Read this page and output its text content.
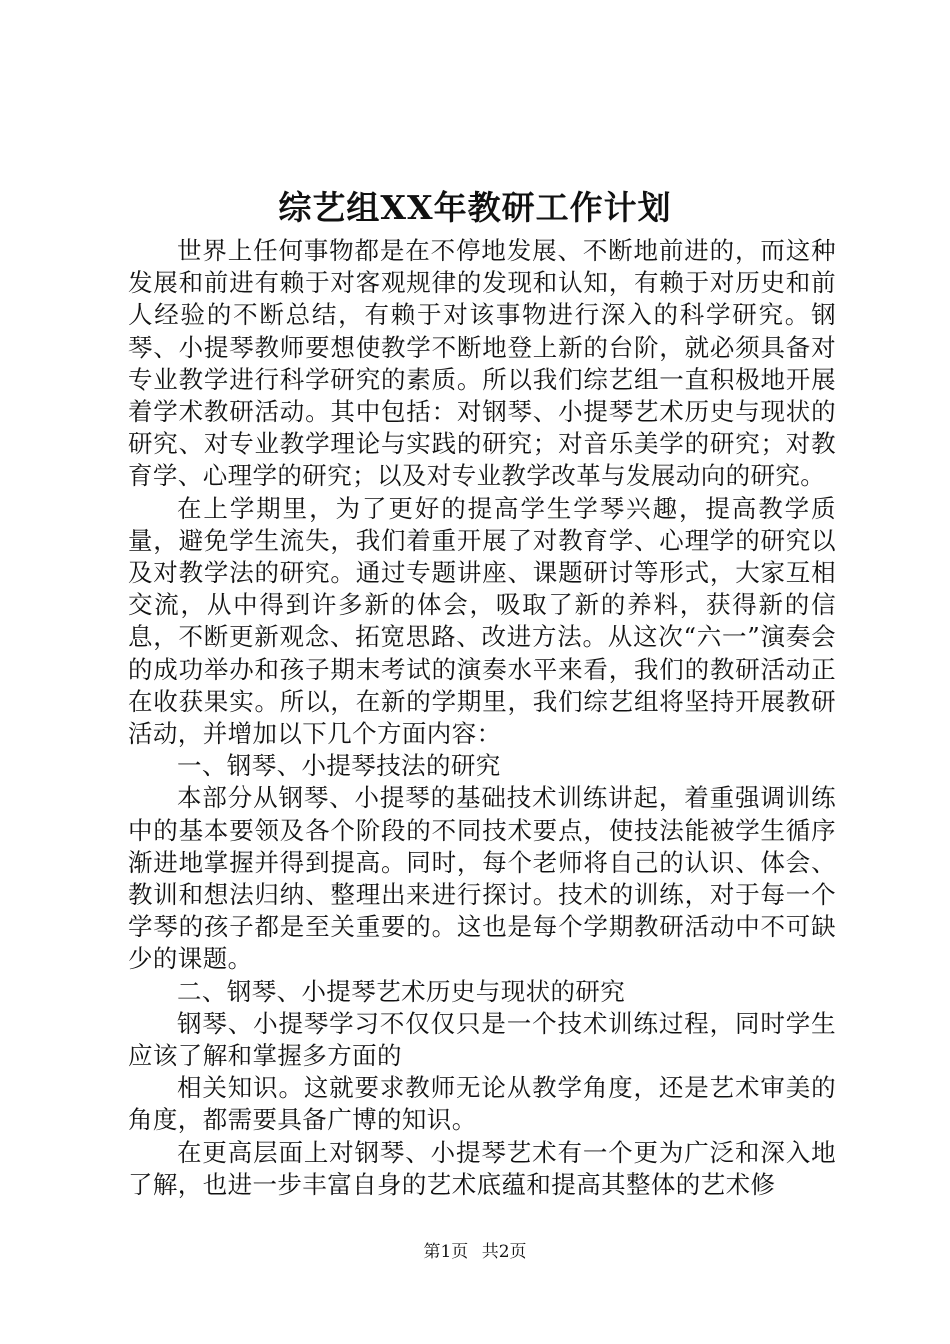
综艺组XX年教研工作计划

世界上任何事物都是在不停地发展、不断地前进的，而这种发展和前进有赖于对客观规律的发现和认知，有赖于对历史和前人经验的不断总结，有赖于对该事物进行深入的科学研究。钢琴、小提琴教师要想使教学不断地登上新的台阶，就必须具备对专业教学进行科学研究的素质。所以我们综艺组一直积极地开展着学术教研活动。其中包括：对钢琴、小提琴艺术历史与现状的研究、对专业教学理论与实践的研究；对音乐美学的研究；对教育学、心理学的研究；以及对专业教学改革与发展动向的研究。

在上学期里，为了更好的提高学生学琴兴趣，提高教学质量，避免学生流失，我们着重开展了对教育学、心理学的研究以及对教学法的研究。通过专题讲座、课题研讨等形式，大家互相交流，从中得到许多新的体会，吸取了新的养料，获得新的信息，不断更新观念、拓宽思路、改进方法。从这次“六一”演奏会的成功举办和孩子期末考试的演奏水平来看，我们的教研活动正在收获果实。所以，在新的学期里，我们综艺组将坚持开展教研活动，并增加以下几个方面内容：

一、钢琴、小提琴技法的研究

本部分从钢琴、小提琴的基础技术训练讲起，着重强调训练中的基本要领及各个阶段的不同技术要点，使技法能被学生循序渐进地掌握并得到提高。同时，每个老师将自己的认识、体会、教训和想法归纳、整理出来进行探讨。技术的训练，对于每一个学琴的孩子都是至关重要的。这也是每个学期教研活动中不可缺少的课题。

二、钢琴、小提琴艺术历史与现状的研究

钢琴、小提琴学习不仅仅只是一个技术训练过程，同时学生应该了解和掌握多方面的

相关知识。这就要求教师无论从教学角度，还是艺术审美的角度，都需要具备广博的知识。

在更高层面上对钢琴、小提琴艺术有一个更为广泛和深入地了解，也进一步丰富自身的艺术底蕴和提高其整体的艺术修

第1页 共2页
